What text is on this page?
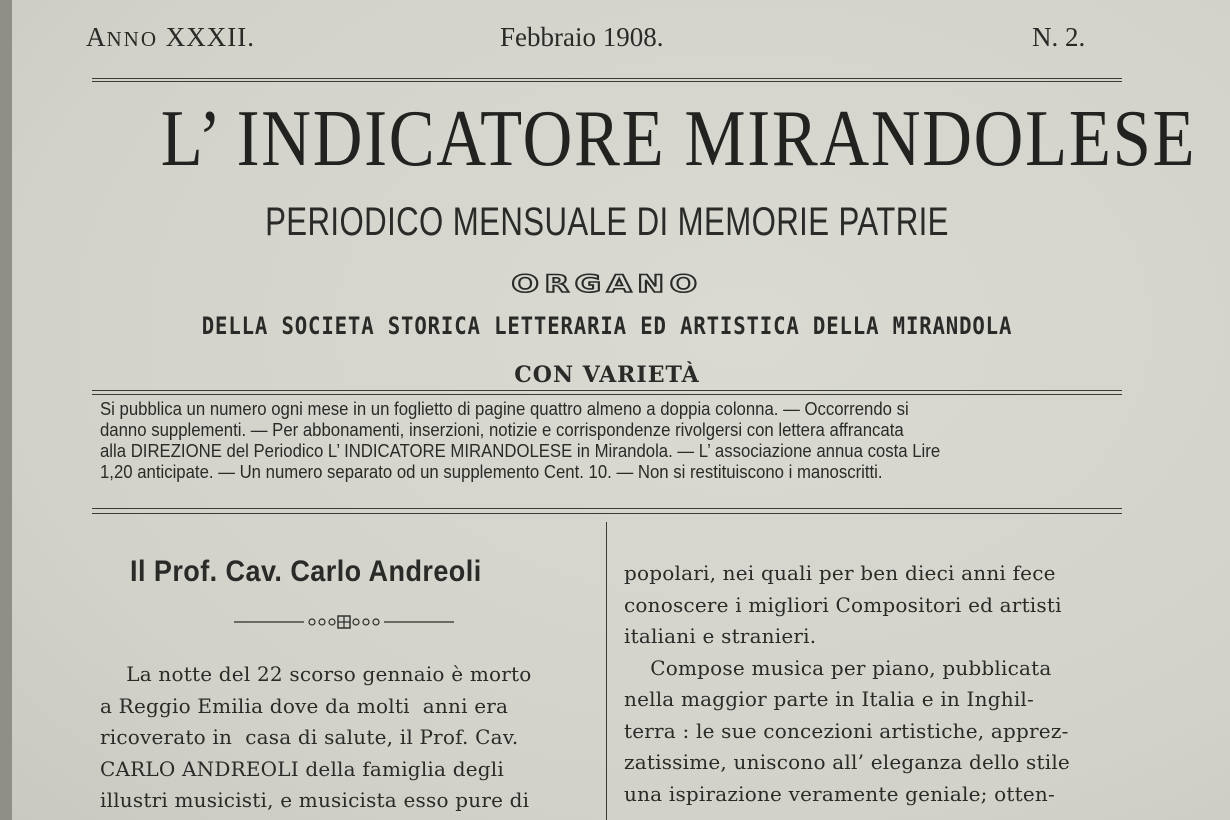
ANNO XXXII.	Febbraio 1908.	N. 2.
L’ INDICATORE MIRANDOLESE
PERIODICO MENSUALE DI MEMORIE PATRIE
ORGANO
DELLA SOCIETA STORICA LETTERARIA ED ARTISTICA DELLA MIRANDOLA
CON VARIETÀ
Si pubblica un numero ogni mese in un foglietto di pagine quattro almeno a doppia colonna. — Occorrendo si
danno supplementi. — Per abbonamenti, inserzioni, notizie e corrispondenze rivolgersi con lettera affrancata
alla DIREZIONE del Periodico L’ INDICATORE MIRANDOLESE in Mirandola. — L’ associazione annua costa Lire
1,20 anticipate. — Un numero separato od un supplemento Cent. 10. — Non si restituiscono i manoscritti.
Il Prof. Cav. Carlo Andreoli
La notte del 22 scorso gennaio è morto
a Reggio Emilia dove da molti  anni era
ricoverato in  casa di salute, il Prof. Cav.
CARLO ANDREOLI della famiglia degli
illustri musicisti, e musicista esso pure di
popolari, nei quali per ben dieci anni fece
conoscere i migliori Compositori ed artisti
italiani e stranieri.
Compose musica per piano, pubblicata
nella maggior parte in Italia e in Inghil-
terra : le sue concezioni artistiche, apprez-
zatissime, uniscono all’ eleganza dello stile
una ispirazione veramente geniale; otten-
